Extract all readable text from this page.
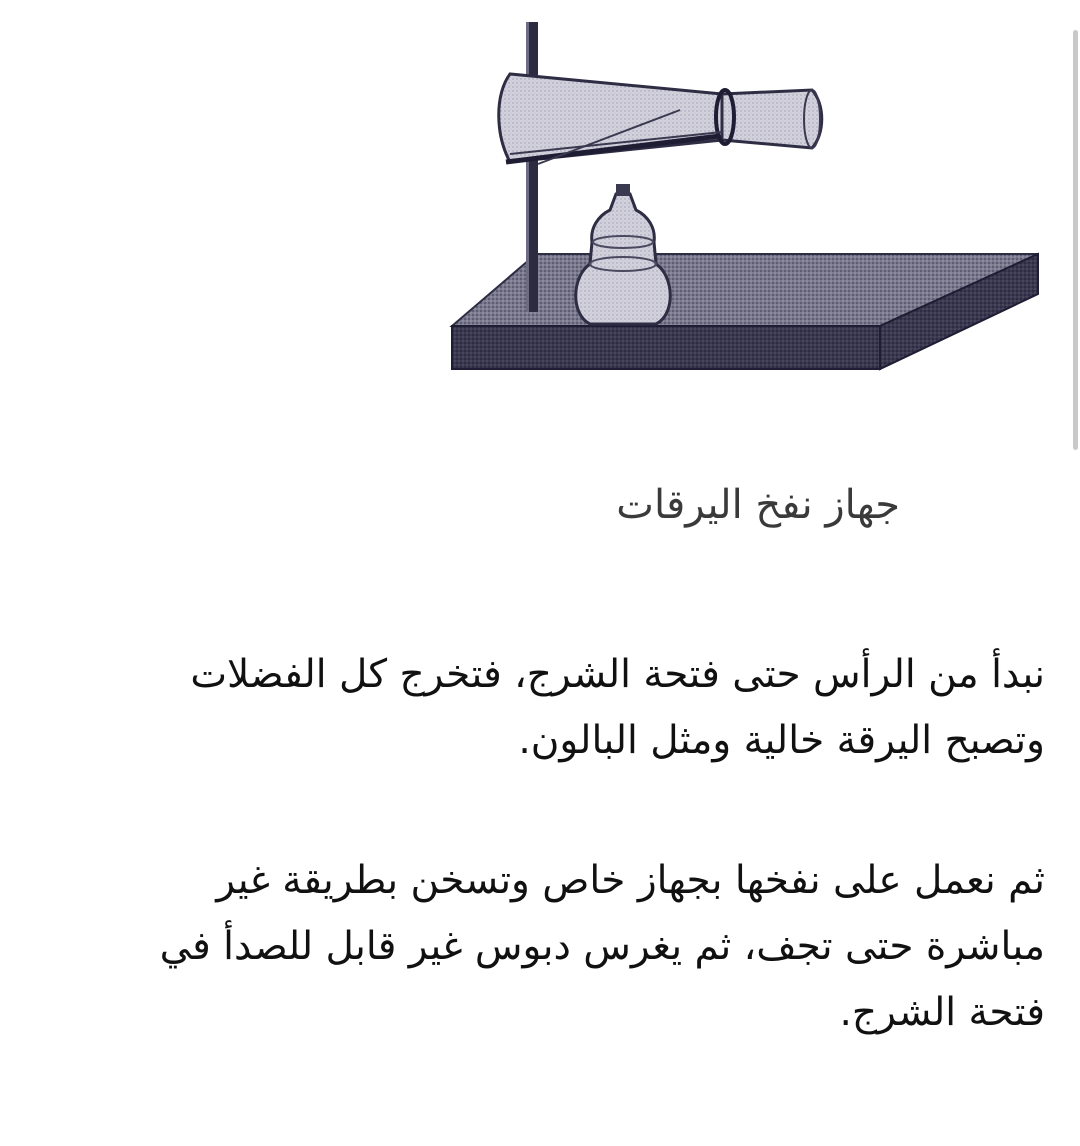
جهاز نفخ اليرقات

نبدأ من الرأس حتى فتحة الشرج، فتخرج كل الفضلات وتصبح اليرقة خالية ومثل البالون.

ثم نعمل على نفخها بجهاز خاص وتسخن بطريقة غير مباشرة حتى تجف، ثم يغرس دبوس غير قابل للصدأ في فتحة الشرج.
